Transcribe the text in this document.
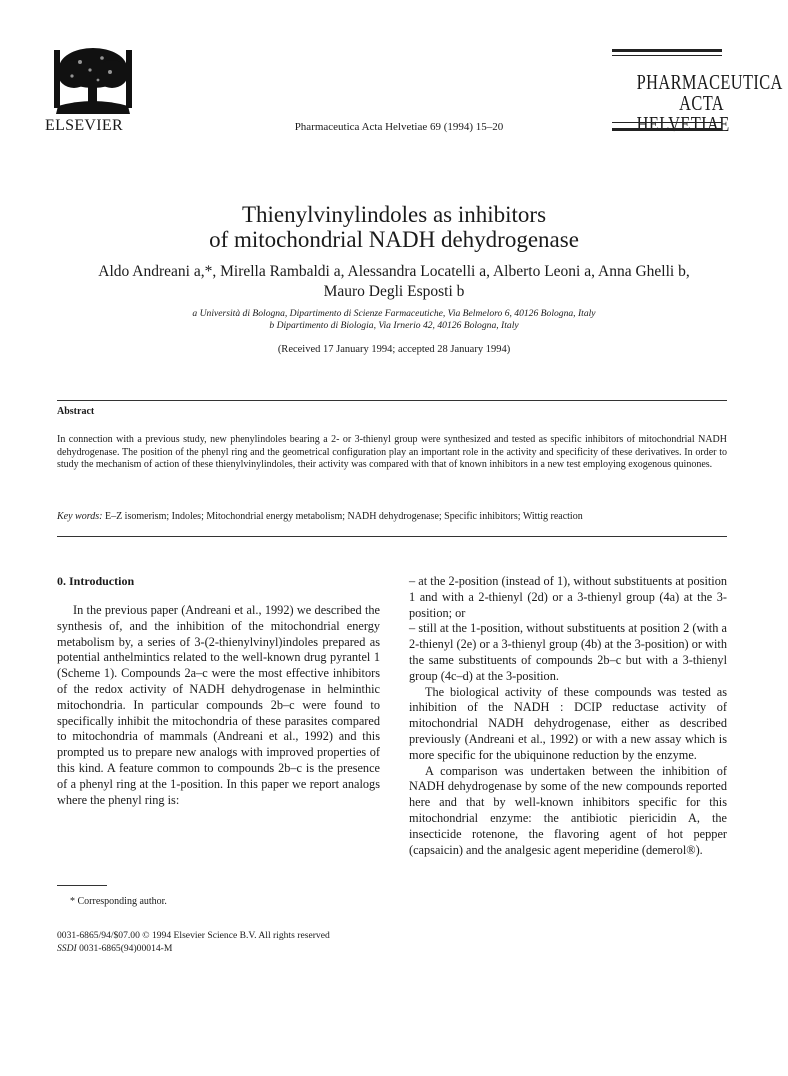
ELSEVIER	Pharmaceutica Acta Helvetiae 69 (1994) 15–20
PHARMACEUTICA
ACTA HELVETIAE
Thienylvinylindoles as inhibitors
of mitochondrial NADH dehydrogenase
Aldo Andreani a,*, Mirella Rambaldi a, Alessandra Locatelli a, Alberto Leoni a, Anna Ghelli b,
Mauro Degli Esposti b
a Università di Bologna, Dipartimento di Scienze Farmaceutiche, Via Belmeloro 6, 40126 Bologna, Italy
b Dipartimento di Biologia, Via Irnerio 42, 40126 Bologna, Italy
(Received 17 January 1994; accepted 28 January 1994)
Abstract
In connection with a previous study, new phenylindoles bearing a 2- or 3-thienyl group were synthesized and tested as specific inhibitors of mitochondrial NADH dehydrogenase. The position of the phenyl ring and the geometrical configuration play an important role in the activity and specificity of these derivatives. In order to study the mechanism of action of these thienylvinylindoles, their activity was compared with that of known inhibitors in a new test employing exogenous quinones.
Key words: E–Z isomerism; Indoles; Mitochondrial energy metabolism; NADH dehydrogenase; Specific inhibitors; Wittig reaction
0. Introduction

In the previous paper (Andreani et al., 1992) we described the synthesis of, and the inhibition of the mitochondrial energy metabolism by, a series of 3-(2-thienylvinyl)indoles prepared as potential anthelmintics related to the well-known drug pyrantel 1 (Scheme 1). Compounds 2a–c were the most effective inhibitors of the redox activity of NADH dehydrogenase in helminthic mitochondria. In particular compounds 2b–c were found to specifically inhibit the mitochondria of these parasites compared to mitochondria of mammals (Andreani et al., 1992) and this prompted us to prepare new analogs with improved properties of this kind. A feature common to compounds 2b–c is the presence of a phenyl ring at the 1-position. In this paper we report analogs where the phenyl ring is:

– at the 2-position (instead of 1), without substituents at position 1 and with a 2-thienyl (2d) or a 3-thienyl group (4a) at the 3-position; or

– still at the 1-position, without substituents at position 2 (with a 2-thienyl (2e) or a 3-thienyl group (4b) at the 3-position) or with the same substituents of compounds 2b–c but with a 3-thienyl group (4c–d) at the 3-position.

The biological activity of these compounds was tested as inhibition of the NADH : DCIP reductase activity of mitochondrial NADH dehydrogenase, either as described previously (Andreani et al., 1992) or with a new assay which is more specific for the ubiquinone reduction by the enzyme.

A comparison was undertaken between the inhibition of NADH dehydrogenase by some of the new compounds reported here and that by well-known inhibitors specific for this mitochondrial enzyme: the antibiotic piericidin A, the insecticide rotenone, the flavoring agent of hot pepper (capsaicin) and the analgesic agent meperidine (demerol®).

* Corresponding author.
0031-6865/94/$07.00 © 1994 Elsevier Science B.V. All rights reserved
SSDI 0031-6865(94)00014-M
